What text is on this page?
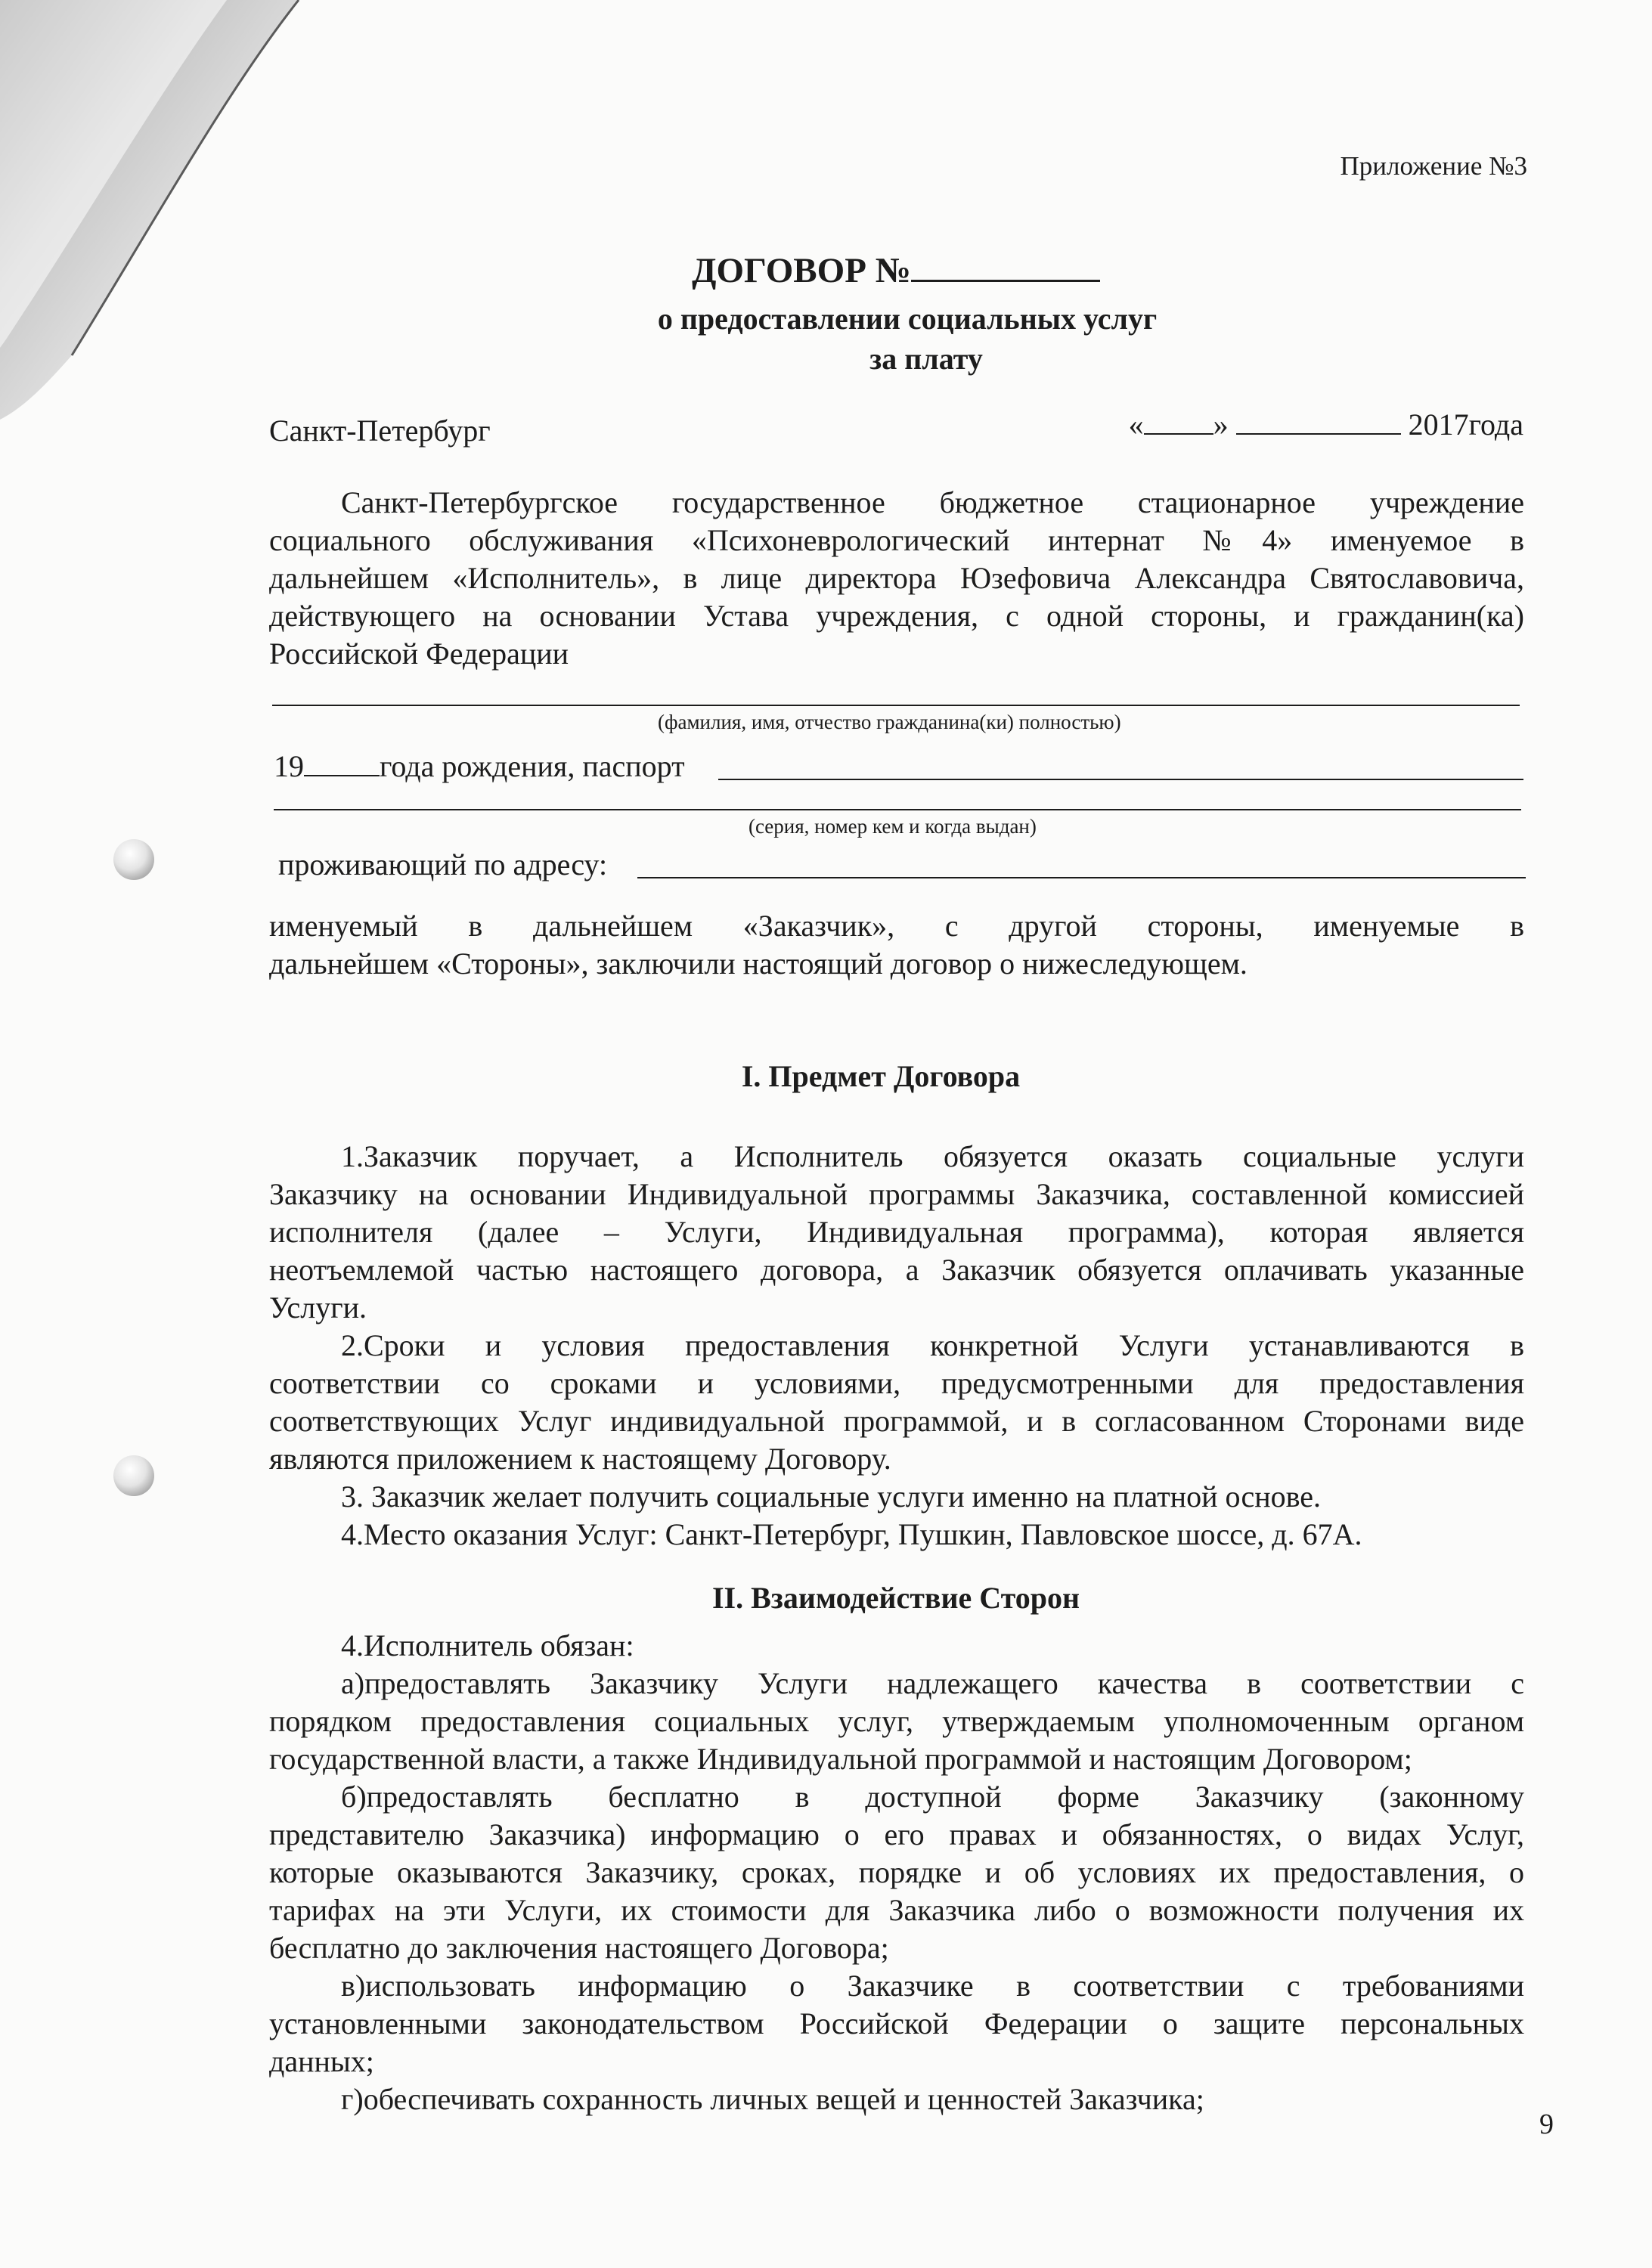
Приложение №3
ДОГОВОР №
о предоставлении социальных услуг
за плату
Санкт-Петербург	« »	2017года

Санкт-Петербургское государственное бюджетное стационарное учреждение

социального обслуживания «Психоневрологический интернат №4» именуемое в

дальнейшем «Исполнитель», в лице директора Юзефовича Александра Святославовича,

действующего на основании Устава учреждения, с одной стороны, и гражданин(ка)

Российской Федерации

(фамилия, имя, отчество гражданина(ки) полностью)
19	года рождения, паспорт
(серия, номер кем и когда выдан)
проживающий по адресу:

именуемый в дальнейшем «Заказчик», с другой стороны, именуемые в

дальнейшем «Стороны», заключили настоящий договор о нижеследующем.

I. Предмет Договора

1.Заказчик поручает, а Исполнитель обязуется оказать социальные услуги

Заказчику на основании Индивидуальной программы Заказчика, составленной комиссией

исполнителя (далее – Услуги, Индивидуальная программа), которая является

неотъемлемой частью настоящего договора, а Заказчик обязуется оплачивать указанные

Услуги.

2.Сроки и условия предоставления конкретной Услуги устанавливаются в

соответствии со сроками и условиями, предусмотренными для предоставления

соответствующих Услуг индивидуальной программой, и в согласованном Сторонами виде

являются приложением к настоящему Договору.

3. Заказчик желает получить социальные услуги именно на платной основе.

4.Место оказания Услуг: Санкт-Петербург, Пушкин, Павловское шоссе, д. 67А.

II. Взаимодействие Сторон

4.Исполнитель обязан:

а)предоставлять Заказчику Услуги надлежащего качества в соответствии с

порядком предоставления социальных услуг, утверждаемым уполномоченным органом

государственной власти, а также Индивидуальной программой и настоящим Договором;

б)предоставлять бесплатно в доступной форме Заказчику (законному

представителю Заказчика) информацию о его правах и обязанностях, о видах Услуг,

которые оказываются Заказчику, сроках, порядке и об условиях их предоставления, о

тарифах на эти Услуги, их стоимости для Заказчика либо о возможности получения их

бесплатно до заключения настоящего Договора;

в)использовать информацию о Заказчике в соответствии с требованиями

установленными законодательством Российской Федерации о защите персональных

данных;

г)обеспечивать сохранность личных вещей и ценностей Заказчика;

9
